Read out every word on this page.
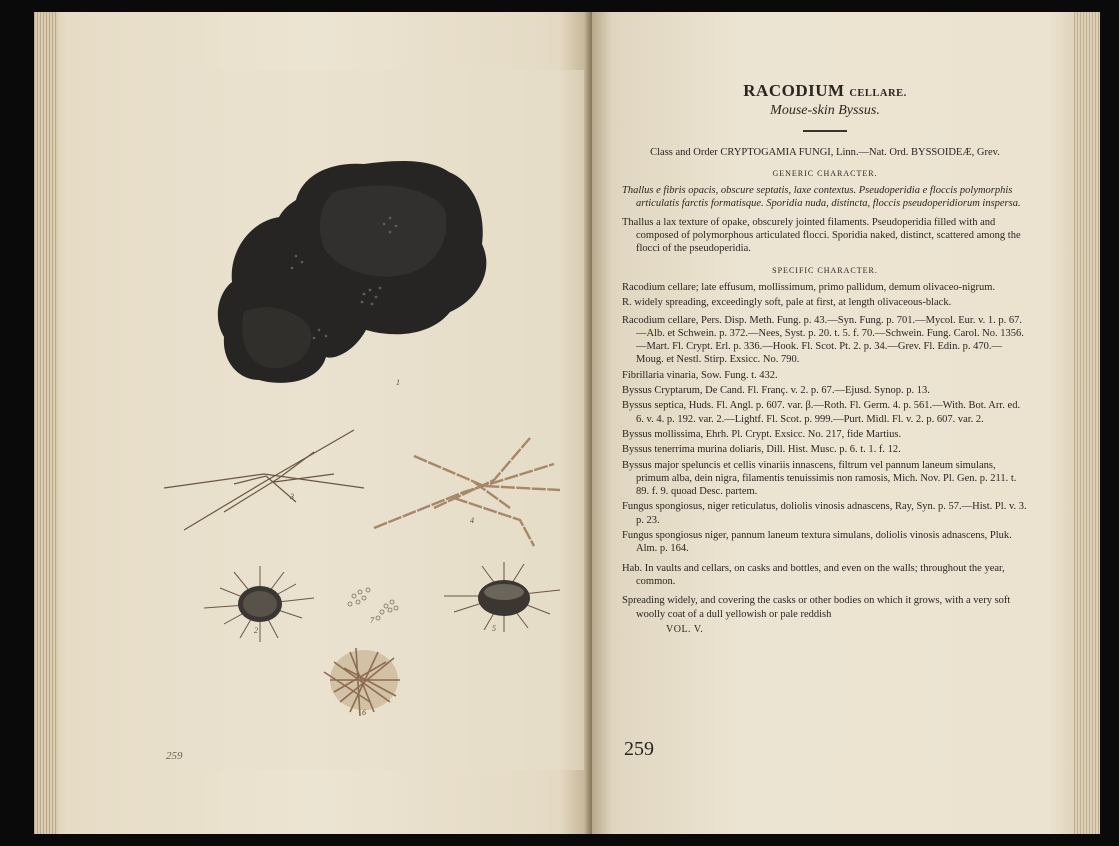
1
2
3
4
5
6
7
259
RACODIUM CELLARE.
Mouse-skin Byssus.

Class and Order CRYPTOGAMIA FUNGI, Linn.—Nat. Ord. BYSSOIDEÆ, Grev.

GENERIC CHARACTER.

Thallus e fibris opacis, obscure septatis, laxe contextus. Pseudoperidia e floccis polymorphis articulatis farctis formatisque. Sporidia nuda, distincta, floccis pseudoperidiorum inspersa.

Thallus a lax texture of opake, obscurely jointed filaments. Pseudoperidia filled with and composed of polymorphous articulated flocci. Sporidia naked, distinct, scattered among the flocci of the pseudoperidia.

SPECIFIC CHARACTER.

Racodium cellare; late effusum, mollissimum, primo pallidum, demum olivaceo-nigrum.

R. widely spreading, exceedingly soft, pale at first, at length olivaceous-black.

Racodium cellare, Pers. Disp. Meth. Fung. p. 43.—Syn. Fung. p. 701.—Mycol. Eur. v. 1. p. 67.—Alb. et Schwein. p. 372.—Nees, Syst. p. 20. t. 5. f. 70.—Schwein. Fung. Carol. No. 1356.—Mart. Fl. Crypt. Erl. p. 336.—Hook. Fl. Scot. Pt. 2. p. 34.—Grev. Fl. Edin. p. 470.—Moug. et Nestl. Stirp. Exsicc. No. 790.

Fibrillaria vinaria, Sow. Fung. t. 432.

Byssus Cryptarum, De Cand. Fl. Franç. v. 2. p. 67.—Ejusd. Synop. p. 13.

Byssus septica, Huds. Fl. Angl. p. 607. var. β.—Roth. Fl. Germ. 4. p. 561.—With. Bot. Arr. ed. 6. v. 4. p. 192. var. 2.—Lightf. Fl. Scot. p. 999.—Purt. Midl. Fl. v. 2. p. 607. var. 2.

Byssus mollissima, Ehrh. Pl. Crypt. Exsicc. No. 217, fide Martius.

Byssus tenerrima murina doliaris, Dill. Hist. Musc. p. 6. t. 1. f. 12.

Byssus major speluncis et cellis vinariis innascens, filtrum vel pannum laneum simulans, primum alba, dein nigra, filamentis tenuissimis non ramosis, Mich. Nov. Pl. Gen. p. 211. t. 89. f. 9. quoad Desc. partem.

Fungus spongiosus, niger reticulatus, doliolis vinosis adnascens, Ray, Syn. p. 57.—Hist. Pl. v. 3. p. 23.

Fungus spongiosus niger, pannum laneum textura simulans, doliolis vinosis adnascens, Pluk. Alm. p. 164.

Hab. In vaults and cellars, on casks and bottles, and even on the walls; throughout the year, common.

Spreading widely, and covering the casks or other bodies on which it grows, with a very soft woolly coat of a dull yellowish or pale reddish

VOL. V.
259
